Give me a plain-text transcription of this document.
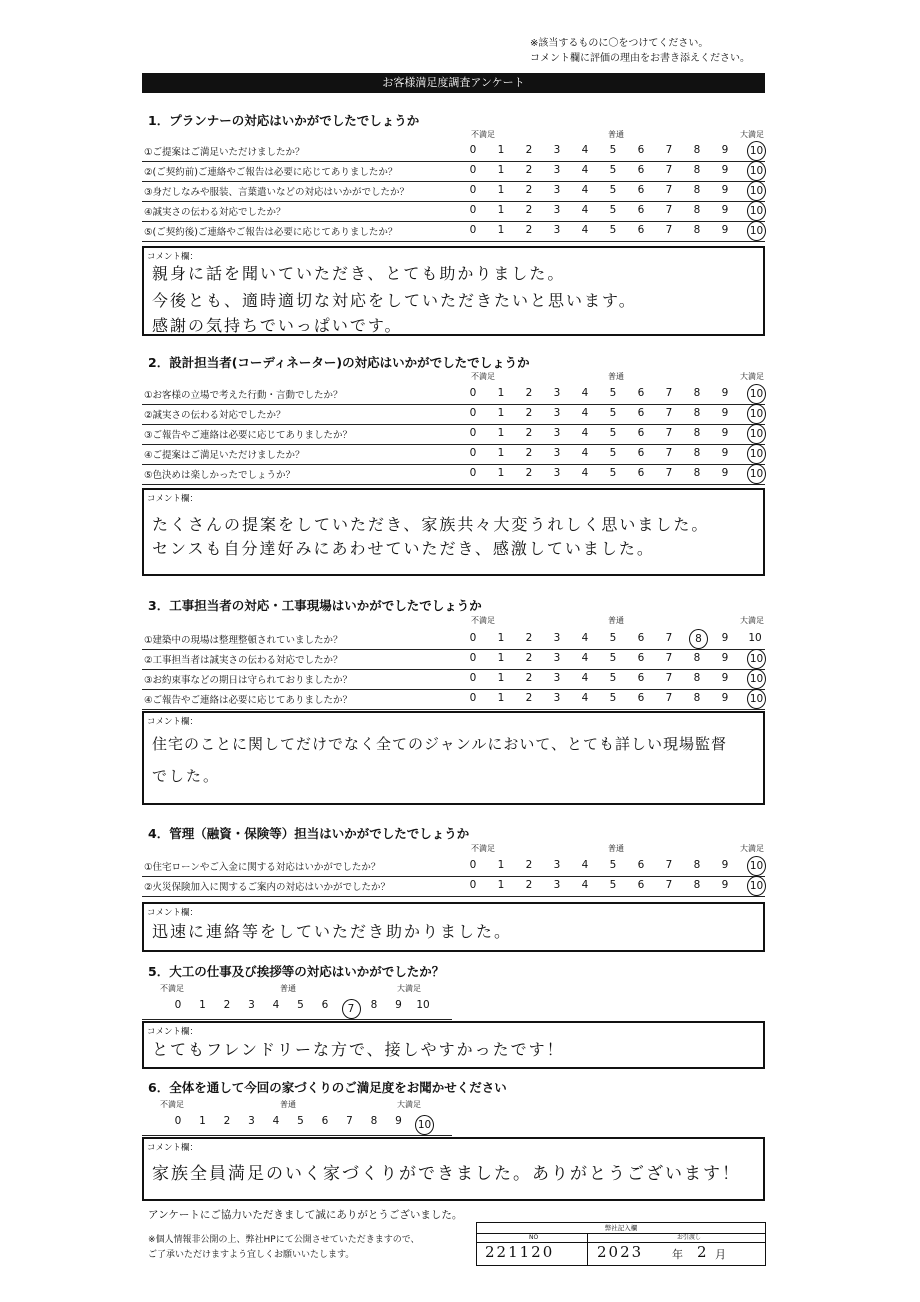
※該当するものに〇をつけてください。
コメント欄に評価の理由をお書き添えください。
お客様満足度調査アンケート
1．プランナーの対応はいかがでしたでしょうか
不満足	普通	大満足
①ご提案はご満足いただけましたか？	0	1	2	3	4	5	6	7	8	9	10
②(ご契約前)ご連絡やご報告は必要に応じてありましたか？	0	1	2	3	4	5	6	7	8	9	10
③身だしなみや服装、言葉遣いなどの対応はいかがでしたか？	0	1	2	3	4	5	6	7	8	9	10
④誠実さの伝わる対応でしたか？	0	1	2	3	4	5	6	7	8	9	10
⑤(ご契約後)ご連絡やご報告は必要に応じてありましたか？	0	1	2	3	4	5	6	7	8	9	10
コメント欄：
親身に話を聞いていただき、とても助かりました。
今後とも、適時適切な対応をしていただきたいと思います。
感謝の気持ちでいっぱいです。
2．設計担当者(コーディネーター)の対応はいかがでしたでしょうか
不満足	普通	大満足
①お客様の立場で考えた行動・言動でしたか？	0	1	2	3	4	5	6	7	8	9	10
②誠実さの伝わる対応でしたか？	0	1	2	3	4	5	6	7	8	9	10
③ご報告やご連絡は必要に応じてありましたか？	0	1	2	3	4	5	6	7	8	9	10
④ご提案はご満足いただけましたか？	0	1	2	3	4	5	6	7	8	9	10
⑤色決めは楽しかったでしょうか？	0	1	2	3	4	5	6	7	8	9	10
コメント欄：
たくさんの提案をしていただき、家族共々大変うれしく思いました。
センスも自分達好みにあわせていただき、感激していました。
3．工事担当者の対応・工事現場はいかがでしたでしょうか
不満足	普通	大満足
①建築中の現場は整理整頓されていましたか？	0	1	2	3	4	5	6	7	8	9	10
②工事担当者は誠実さの伝わる対応でしたか？	0	1	2	3	4	5	6	7	8	9	10
③お約束事などの期日は守られておりましたか？	0	1	2	3	4	5	6	7	8	9	10
④ご報告やご連絡は必要に応じてありましたか？	0	1	2	3	4	5	6	7	8	9	10
コメント欄：
住宅のことに関してだけでなく全てのジャンルにおいて、とても詳しい現場監督
でした。
4．管理（融資・保険等）担当はいかがでしたでしょうか
不満足	普通	大満足
①住宅ローンやご入金に関する対応はいかがでしたか？	0	1	2	3	4	5	6	7	8	9	10
②火災保険加入に関するご案内の対応はいかがでしたか？	0	1	2	3	4	5	6	7	8	9	10
コメント欄：
迅速に連絡等をしていただき助かりました。
5．大工の仕事及び挨拶等の対応はいかがでしたか？
不満足	普通	大満足
0	1	2	3	4	5	6	7	8	9	10
コメント欄：
とてもフレンドリーな方で、接しやすかったです！
6．全体を通して今回の家づくりのご満足度をお聞かせください
不満足	普通	大満足
0	1	2	3	4	5	6	7	8	9	10
コメント欄：
家族全員満足のいく家づくりができました。ありがとうございます！
アンケートにご協力いただきまして誠にありがとうございました。
※個人情報非公開の上、弊社HPにて公開させていただきますので、
ご了承いただけますよう宜しくお願いいたします。
弊社記入欄
NO	お引渡し
221120	2023	年 2 月
